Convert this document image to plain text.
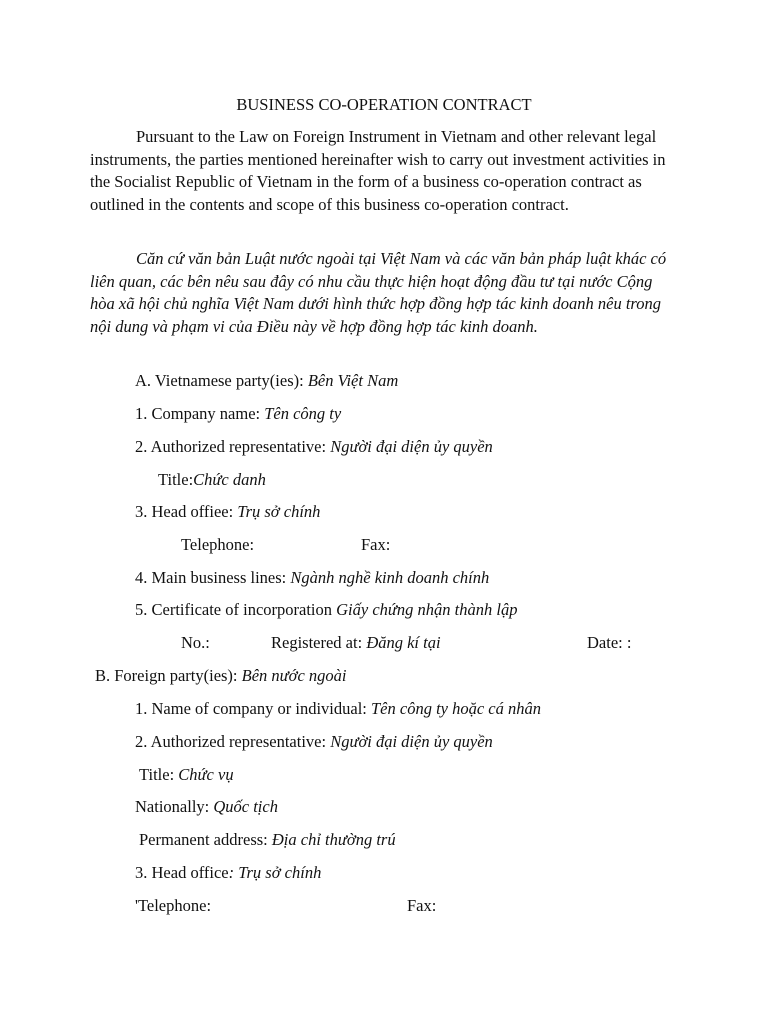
BUSINESS CO-OPERATION CONTRACT
Pursuant to the Law on Foreign Instrument in Vietnam and other relevant legal instruments, the parties mentioned hereinafter wish to carry out investment activities in the Socialist Republic of Vietnam in the form of a business co-operation contract as outlined in the contents and scope of this business co-operation contract.
Căn cứ văn bản Luật nước ngoài tại Việt Nam và các văn bản pháp luật khác có liên quan, các bên nêu sau đây có nhu cầu thực hiện hoạt động đầu tư tại nước Cộng hòa xã hội chủ nghĩa Việt Nam dưới hình thức hợp đồng hợp tác kinh doanh nêu trong nội dung và phạm vi của Điều này về hợp đồng hợp tác kinh doanh.
A. Vietnamese party(ies): Bên Việt Nam
1. Company name: Tên công ty
2. Authorized representative: Người đại diện ủy quyền
Title:Chức danh
3. Head offiee: Trụ sở chính
Telephone:	Fax:
4. Main business lines: Ngành nghề kinh doanh chính
5. Certificate of incorporation Giấy chứng nhận thành lập
No.:	Registered at: Đăng kí tại	Date: :
B. Foreign party(ies): Bên nước ngoài
1. Name of company or individual: Tên công ty hoặc cá nhân
2. Authorized representative: Người đại diện ủy quyền
Title: Chức vụ
Nationally: Quốc tịch
Permanent address: Địa chỉ thường trú
3. Head office: Trụ sở chính
'Telephone:	Fax:
